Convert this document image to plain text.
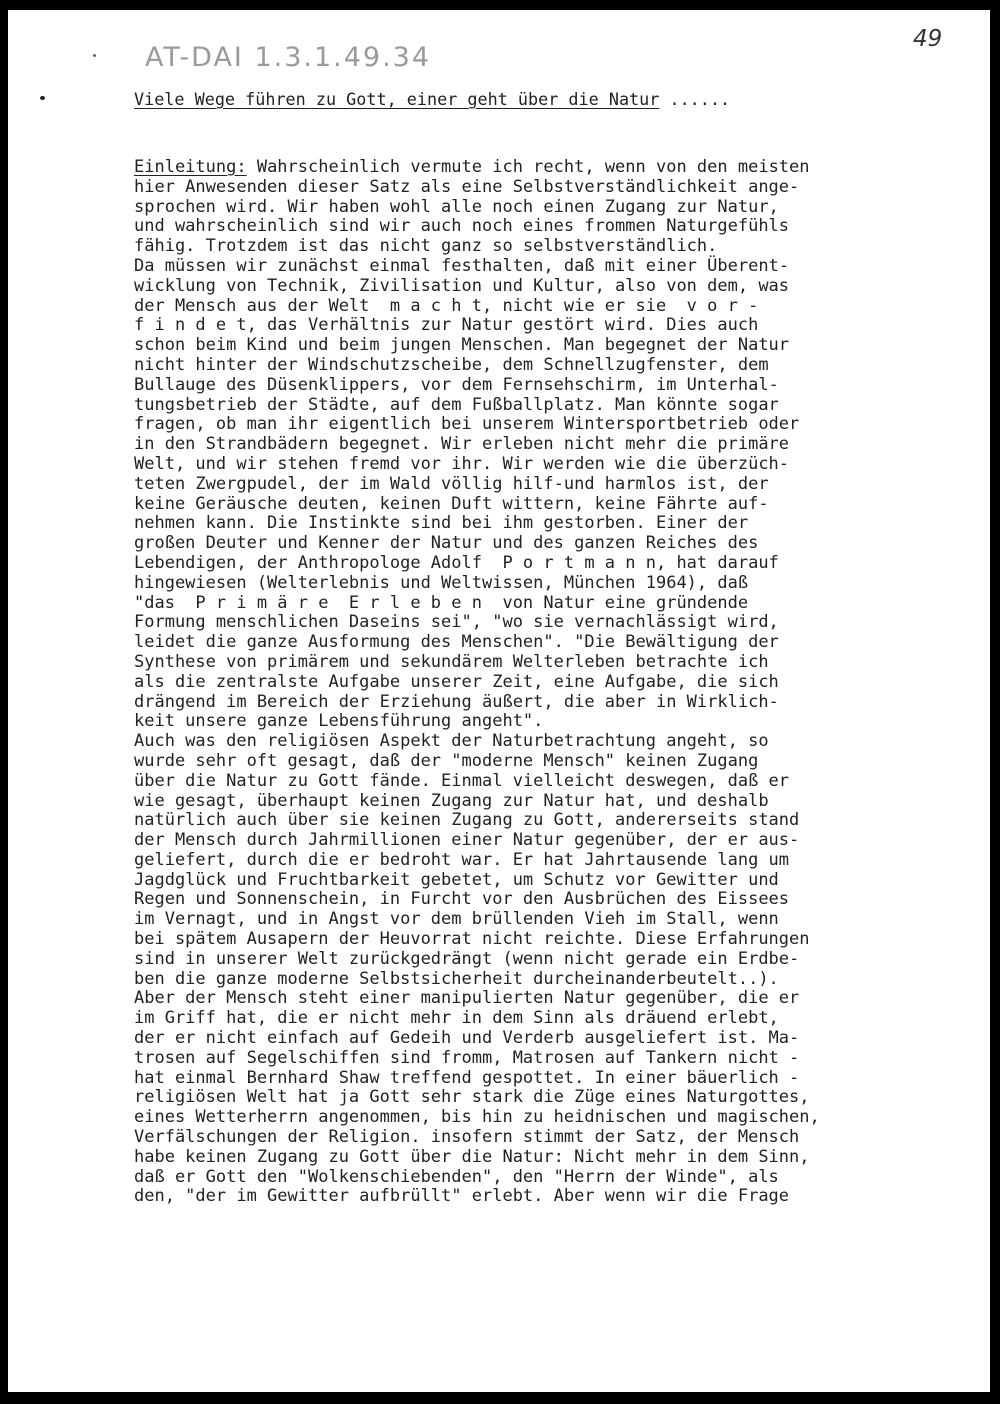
AT-DAI 1.3.1.49.34
49
Viele Wege führen zu Gott, einer geht über die Natur ......
Einleitung: Wahrscheinlich vermute ich recht, wenn von den meisten
hier Anwesenden dieser Satz als eine Selbstverständlichkeit ange-
sprochen wird. Wir haben wohl alle noch einen Zugang zur Natur,
und wahrscheinlich sind wir auch noch eines frommen Naturgefühls
fähig. Trotzdem ist das nicht ganz so selbstverständlich.
Da müssen wir zunächst einmal festhalten, daß mit einer Überent-
wicklung von Technik, Zivilisation und Kultur, also von dem, was
der Mensch aus der Welt  m a c h t, nicht wie er sie  v o r -
f i n d e t, das Verhältnis zur Natur gestört wird. Dies auch
schon beim Kind und beim jungen Menschen. Man begegnet der Natur
nicht hinter der Windschutzscheibe, dem Schnellzugfenster, dem
Bullauge des Düsenklippers, vor dem Fernsehschirm, im Unterhal-
tungsbetrieb der Städte, auf dem Fußballplatz. Man könnte sogar
fragen, ob man ihr eigentlich bei unserem Wintersportbetrieb oder
in den Strandbädern begegnet. Wir erleben nicht mehr die primäre
Welt, und wir stehen fremd vor ihr. Wir werden wie die überzüch-
teten Zwergpudel, der im Wald völlig hilf-und harmlos ist, der
keine Geräusche deuten, keinen Duft wittern, keine Fährte auf-
nehmen kann. Die Instinkte sind bei ihm gestorben. Einer der
großen Deuter und Kenner der Natur und des ganzen Reiches des
Lebendigen, der Anthropologe Adolf  P o r t m a n n, hat darauf
hingewiesen (Welterlebnis und Weltwissen, München 1964), daß
"das  P r i m ä r e  E r l e b e n  von Natur eine gründende
Formung menschlichen Daseins sei", "wo sie vernachlässigt wird,
leidet die ganze Ausformung des Menschen". "Die Bewältigung der
Synthese von primärem und sekundärem Welterleben betrachte ich
als die zentralste Aufgabe unserer Zeit, eine Aufgabe, die sich
drängend im Bereich der Erziehung äußert, die aber in Wirklich-
keit unsere ganze Lebensführung angeht".
Auch was den religiösen Aspekt der Naturbetrachtung angeht, so
wurde sehr oft gesagt, daß der "moderne Mensch" keinen Zugang
über die Natur zu Gott fände. Einmal vielleicht deswegen, daß er
wie gesagt, überhaupt keinen Zugang zur Natur hat, und deshalb
natürlich auch über sie keinen Zugang zu Gott, andererseits stand
der Mensch durch Jahrmillionen einer Natur gegenüber, der er aus-
geliefert, durch die er bedroht war. Er hat Jahrtausende lang um
Jagdglück und Fruchtbarkeit gebetet, um Schutz vor Gewitter und
Regen und Sonnenschein, in Furcht vor den Ausbrüchen des Eissees
im Vernagt, und in Angst vor dem brüllenden Vieh im Stall, wenn
bei spätem Ausapern der Heuvorrat nicht reichte. Diese Erfahrungen
sind in unserer Welt zurückgedrängt (wenn nicht gerade ein Erdbe-
ben die ganze moderne Selbstsicherheit durcheinanderbeutelt..).
Aber der Mensch steht einer manipulierten Natur gegenüber, die er
im Griff hat, die er nicht mehr in dem Sinn als dräuend erlebt,
der er nicht einfach auf Gedeih und Verderb ausgeliefert ist. Ma-
trosen auf Segelschiffen sind fromm, Matrosen auf Tankern nicht -
hat einmal Bernhard Shaw treffend gespottet. In einer bäuerlich -
religiösen Welt hat ja Gott sehr stark die Züge eines Naturgottes,
eines Wetterherrn angenommen, bis hin zu heidnischen und magischen,
Verfälschungen der Religion. insofern stimmt der Satz, der Mensch
habe keinen Zugang zu Gott über die Natur: Nicht mehr in dem Sinn,
daß er Gott den "Wolkenschiebenden", den "Herrn der Winde", als
den, "der im Gewitter aufbrüllt" erlebt. Aber wenn wir die Frage
